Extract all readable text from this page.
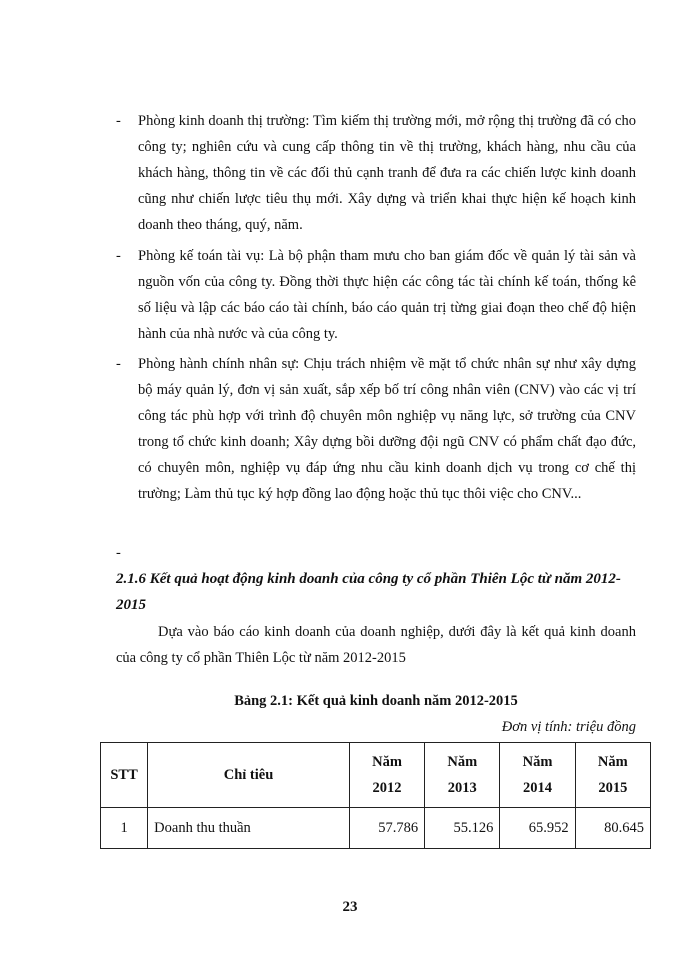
- Phòng kinh doanh thị trường: Tìm kiếm thị trường mới, mở rộng thị trường đã có cho công ty; nghiên cứu và cung cấp thông tin về thị trường, khách hàng, nhu cầu của khách hàng, thông tin về các đối thủ cạnh tranh để đưa ra các chiến lược kinh doanh cũng như chiến lược tiêu thụ mới. Xây dựng và triển khai thực hiện kế hoạch kinh doanh theo tháng, quý, năm.
- Phòng kế toán tài vụ: Là bộ phận tham mưu cho ban giám đốc về quản lý tài sản và nguồn vốn của công ty. Đồng thời thực hiện các công tác tài chính kế toán, thống kê số liệu và lập các báo cáo tài chính, báo cáo quản trị từng giai đoạn theo chế độ hiện hành của nhà nước và của công ty.
- Phòng hành chính nhân sự: Chịu trách nhiệm về mặt tổ chức nhân sự như xây dựng bộ máy quản lý, đơn vị sản xuất, sắp xếp bố trí công nhân viên (CNV) vào các vị trí công tác phù hợp với trình độ chuyên môn nghiệp vụ năng lực, sở trường của CNV trong tổ chức kinh doanh; Xây dựng bồi dưỡng đội ngũ CNV có phẩm chất đạo đức, có chuyên môn, nghiệp vụ đáp ứng nhu cầu kinh doanh dịch vụ trong cơ chế thị trường; Làm thủ tục ký hợp đồng lao động hoặc thủ tục thôi việc cho CNV...
-
2.1.6 Kết quả hoạt động kinh doanh của công ty cổ phần Thiên Lộc từ năm 2012-2015
Dựa vào báo cáo kinh doanh của doanh nghiệp, dưới đây là kết quả kinh doanh của công ty cổ phần Thiên Lộc từ năm 2012-2015
Bảng 2.1: Kết quả kinh doanh năm 2012-2015
Đơn vị tính: triệu đồng
STT	Chỉ tiêu	Năm 2012	Năm 2013	Năm 2014	Năm 2015
1	Doanh thu thuần	57.786	55.126	65.952	80.645
23
